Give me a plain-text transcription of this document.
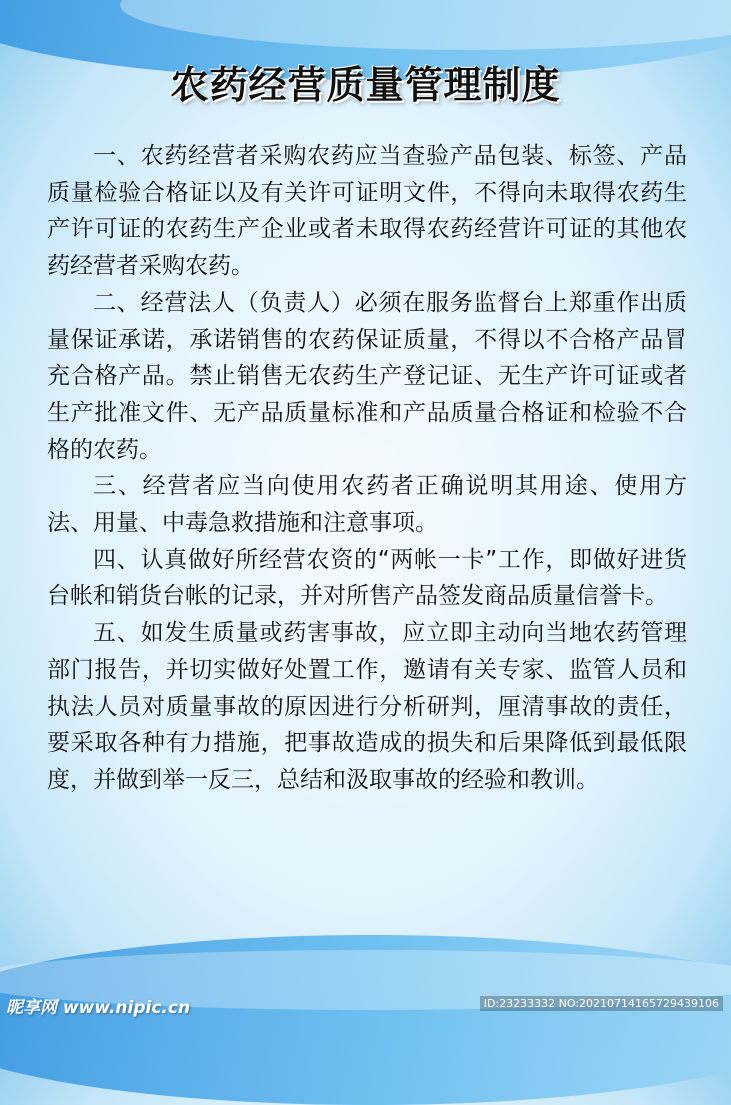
农药经营质量管理制度

一、农药经营者采购农药应当查验产品包装、标签、产品质量检验合格证以及有关许可证明文件，不得向未取得农药生产许可证的农药生产企业或者未取得农药经营许可证的其他农药经营者采购农药。

二、经营法人（负责人）必须在服务监督台上郑重作出质量保证承诺，承诺销售的农药保证质量，不得以不合格产品冒充合格产品。禁止销售无农药生产登记证、无生产许可证或者生产批准文件、无产品质量标准和产品质量合格证和检验不合格的农药。

三、经营者应当向使用农药者正确说明其用途、使用方法、用量、中毒急救措施和注意事项。

四、认真做好所经营农资的“两帐一卡”工作，即做好进货台帐和销货台帐的记录，并对所售产品签发商品质量信誉卡。

五、如发生质量或药害事故，应立即主动向当地农药管理部门报告，并切实做好处置工作，邀请有关专家、监管人员和执法人员对质量事故的原因进行分析研判，厘清事故的责任，要采取各种有力措施，把事故造成的损失和后果降低到最低限度，并做到举一反三，总结和汲取事故的经验和教训。

昵享网 www.nipic.cn	ID:23233332 NO:20210714165729439106
